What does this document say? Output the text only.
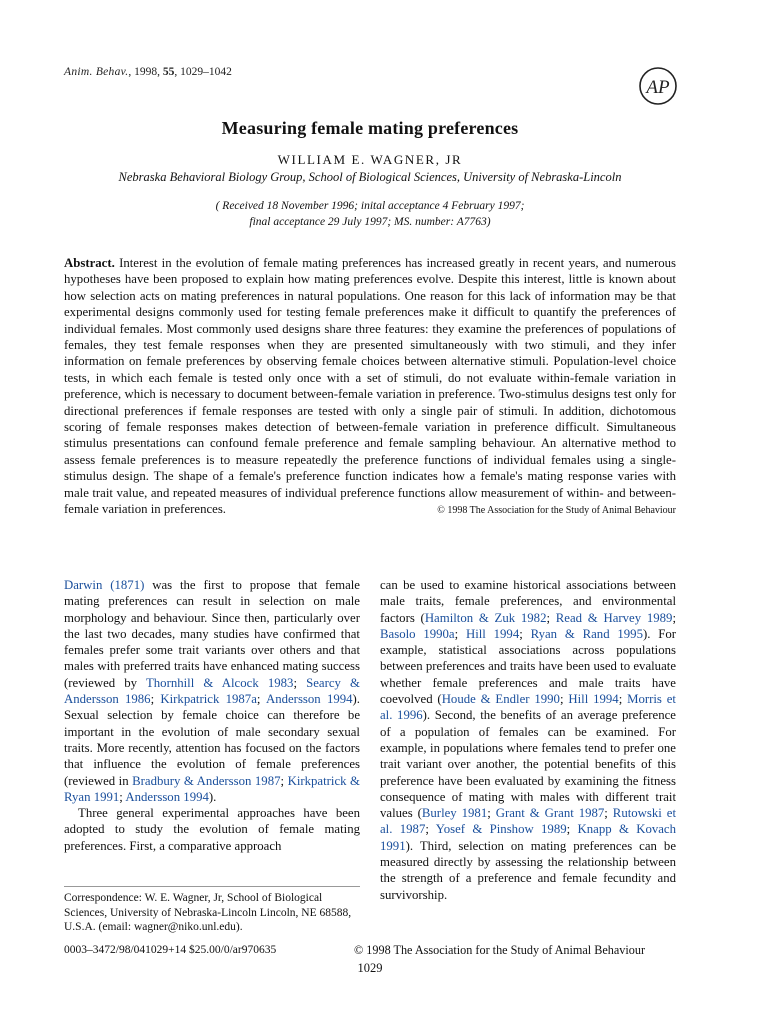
Anim. Behav., 1998, 55, 1029–1042
AP
Measuring female mating preferences
WILLIAM E. WAGNER, JR
Nebraska Behavioral Biology Group, School of Biological Sciences, University of Nebraska-Lincoln
( Received 18 November 1996; inital acceptance 4 February 1997;
final acceptance 29 July 1997; MS. number: A7763)
Abstract. Interest in the evolution of female mating preferences has increased greatly in recent years, and numerous hypotheses have been proposed to explain how mating preferences evolve. Despite this interest, little is known about how selection acts on mating preferences in natural populations. One reason for this lack of information may be that experimental designs commonly used for testing female preferences make it difficult to quantify the preferences of individual females. Most commonly used designs share three features: they examine the preferences of populations of females, they test female responses when they are presented simultaneously with two stimuli, and they infer information on female preferences by observing female choices between alternative stimuli. Population-level choice tests, in which each female is tested only once with a set of stimuli, do not evaluate within-female variation in preference, which is necessary to document between-female variation in preference. Two-stimulus designs test only for directional preferences if female responses are tested with only a single pair of stimuli. In addition, dichotomous scoring of female responses makes detection of between-female variation in preference difficult. Simultaneous stimulus presentations can confound female preference and female sampling behaviour. An alternative method to assess female preferences is to measure repeatedly the preference functions of individual females using a single-stimulus design. The shape of a female's preference function indicates how a female's mating response varies with male trait value, and repeated measures of individual preference functions allow measurement of within- and between-female variation in preferences.	© 1998 The Association for the Study of Animal Behaviour
Darwin (1871) was the first to propose that female mating preferences can result in selection on male morphology and behaviour. Since then, particularly over the last two decades, many studies have confirmed that females prefer some trait variants over others and that males with preferred traits have enhanced mating success (reviewed by Thornhill & Alcock 1983; Searcy & Andersson 1986; Kirkpatrick 1987a; Andersson 1994). Sexual selection by female choice can therefore be important in the evolution of male secondary sexual traits. More recently, attention has focused on the factors that influence the evolution of female preferences (reviewed in Bradbury & Andersson 1987; Kirkpatrick & Ryan 1991; Andersson 1994).
Three general experimental approaches have been adopted to study the evolution of female mating preferences. First, a comparative approach
Correspondence: W. E. Wagner, Jr, School of Biological Sciences, University of Nebraska-Lincoln Lincoln, NE 68588, U.S.A. (email: wagner@niko.unl.edu).
can be used to examine historical associations between male traits, female preferences, and environmental factors (Hamilton & Zuk 1982; Read & Harvey 1989; Basolo 1990a; Hill 1994; Ryan & Rand 1995). For example, statistical associations across populations between preferences and traits have been used to evaluate whether female preferences and male traits have coevolved (Houde & Endler 1990; Hill 1994; Morris et al. 1996). Second, the benefits of an average preference of a population of females can be examined. For example, in populations where females tend to prefer one trait variant over another, the potential benefits of this preference have been evaluated by examining the fitness consequence of mating with males with different trait values (Burley 1981; Grant & Grant 1987; Rutowski et al. 1987; Yosef & Pinshow 1989; Knapp & Kovach 1991). Third, selection on mating preferences can be measured directly by assessing the relationship between the strength of a preference and female fecundity and survivorship.
0003–3472/98/041029+14 $25.00/0/ar970635	© 1998 The Association for the Study of Animal Behaviour
1029
